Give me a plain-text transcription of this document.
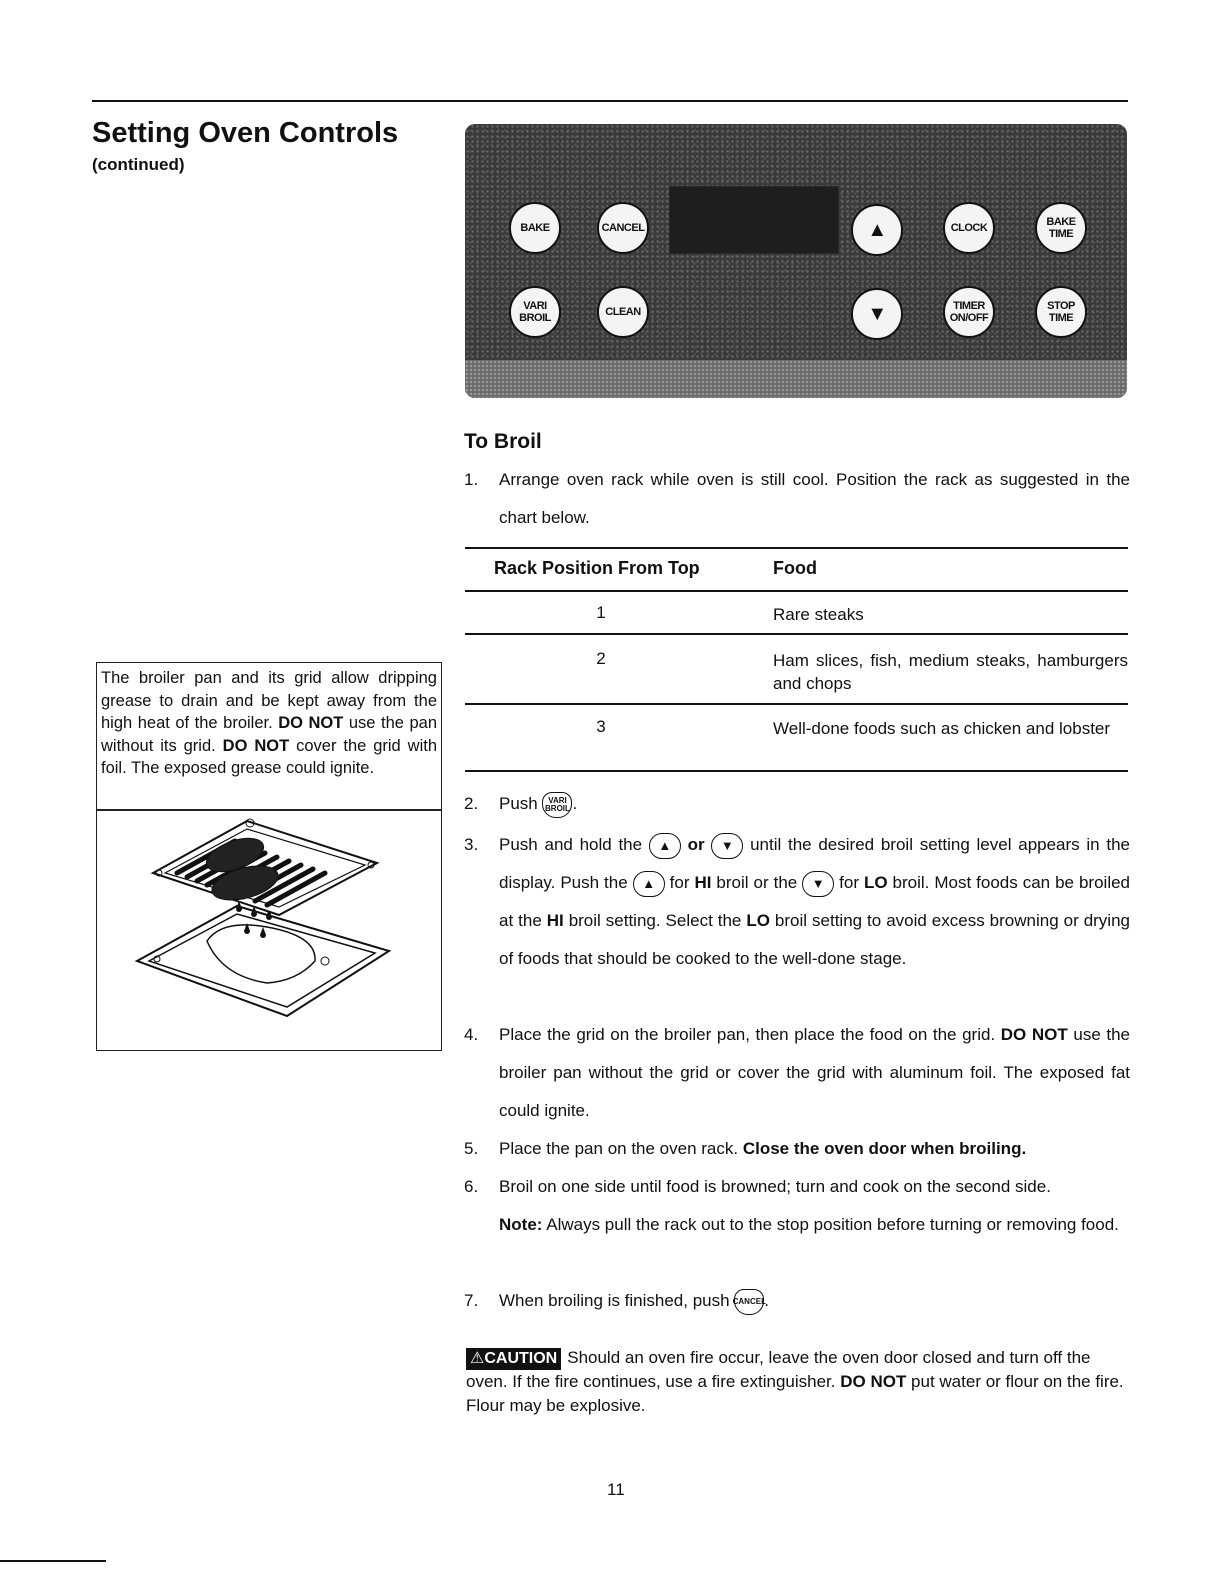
Setting Oven Controls
(continued)
BAKE	CANCEL	▲	CLOCK	BAKE
TIME
VARI
BROIL	CLEAN	▼	TIMER
ON/OFF
STOP
TIME

The broiler pan and its grid allow dripping grease to drain and be kept away from the high heat of the broiler. DO NOT use the pan without its grid. DO NOT cover the grid with foil. The exposed grease could ignite.

To Broil
1. Arrange oven rack while oven is still cool. Position the rack as suggested in the chart below.
Rack Position From Top	Food
1	Rare steaks
2	Ham slices, fish, medium steaks, hamburgers and chops
3	Well-done foods such as chicken and lobster
2. Push VARI
BROIL .
3. Push and hold the ▲ or ▼ until the desired broil setting level appears in the display. Push the ▲ for HI broil or the ▼ for LO broil. Most foods can be broiled at the HI broil setting. Select the LO broil setting to avoid excess browning or drying of foods that should be cooked to the well-done stage.
4. Place the grid on the broiler pan, then place the food on the grid. DO NOT use the broiler pan without the grid or cover the grid with aluminum foil. The exposed fat could ignite.
5. Place the pan on the oven rack. Close the oven door when broiling.
6. Broil on one side until food is browned; turn and cook on the second side.
Note: Always pull the rack out to the stop position before turning or removing food.
7. When broiling is finished, push CANCEL.

⚠CAUTION Should an oven fire occur, leave the oven door closed and turn off the oven. If the fire continues, use a fire extinguisher. DO NOT put water or flour on the fire. Flour may be explosive.

11
